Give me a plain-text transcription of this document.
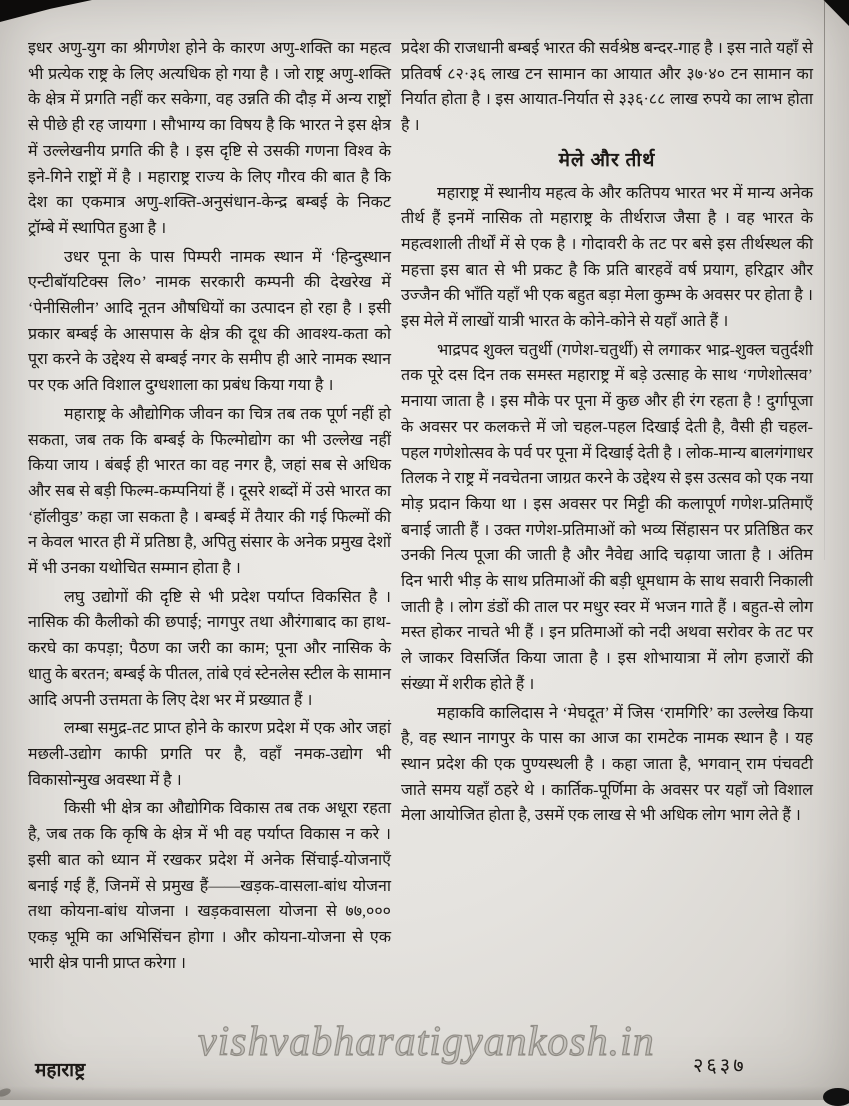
इधर अणु-युग का श्रीगणेश होने के कारण अणु-शक्ति का महत्व भी प्रत्येक राष्ट्र के लिए अत्यधिक हो गया है । जो राष्ट्र अणु-शक्ति के क्षेत्र में प्रगति नहीं कर सकेगा, वह उन्नति की दौड़ में अन्य राष्ट्रों से पीछे ही रह जायगा । सौभाग्य का विषय है कि भारत ने इस क्षेत्र में उल्लेखनीय प्रगति की है । इस दृष्टि से उसकी गणना विश्व के इने-गिने राष्ट्रों में है । महाराष्ट्र राज्य के लिए गौरव की बात है कि देश का एकमात्र अणु-शक्ति-अनुसंधान-केन्द्र बम्बई के निकट ट्रॉम्बे में स्थापित हुआ है ।

उधर पूना के पास पिम्परी नामक स्थान में ‘हिन्दुस्थान एन्टीबॉयटिक्स लि०’ नामक सरकारी कम्पनी की देखरेख में ‘पेनीसिलीन’ आदि नूतन औषधियों का उत्पादन हो रहा है । इसी प्रकार बम्बई के आसपास के क्षेत्र की दूध की आवश्य-कता को पूरा करने के उद्देश्य से बम्बई नगर के समीप ही आरे नामक स्थान पर एक अति विशाल दुग्धशाला का प्रबंध किया गया है ।

महाराष्ट्र के औद्योगिक जीवन का चित्र तब तक पूर्ण नहीं हो सकता, जब तक कि बम्बई के फिल्मोद्योग का भी उल्लेख नहीं किया जाय । बंबई ही भारत का वह नगर है, जहां सब से अधिक और सब से बड़ी फिल्म-कम्पनियां हैं । दूसरे शब्दों में उसे भारत का ‘हॉलीवुड’ कहा जा सकता है । बम्बई में तैयार की गई फिल्मों की न केवल भारत ही में प्रतिष्ठा है, अपितु संसार के अनेक प्रमुख देशों में भी उनका यथोचित सम्मान होता है ।

लघु उद्योगों की दृष्टि से भी प्रदेश पर्याप्त विकसित है । नासिक की कैलीको की छपाई; नागपुर तथा औरंगाबाद का हाथ-करघे का कपड़ा; पैठण का जरी का काम; पूना और नासिक के धातु के बरतन; बम्बई के पीतल, तांबे एवं स्टेनलेस स्टील के सामान आदि अपनी उत्तमता के लिए देश भर में प्रख्यात हैं ।

लम्बा समुद्र-तट प्राप्त होने के कारण प्रदेश में एक ओर जहां मछली-उद्योग काफी प्रगति पर है, वहाँ नमक-उद्योग भी विकासोन्मुख अवस्था में है ।

किसी भी क्षेत्र का औद्योगिक विकास तब तक अधूरा रहता है, जब तक कि कृषि के क्षेत्र में भी वह पर्याप्त विकास न करे । इसी बात को ध्यान में रखकर प्रदेश में अनेक सिंचाई-योजनाएँ बनाई गई हैं, जिनमें से प्रमुख हैं——खड़क-वासला-बांध योजना तथा कोयना-बांध योजना । खड़कवासला योजना से ७७,००० एकड़ भूमि का अभिसिंचन होगा । और कोयना-योजना से एक भारी क्षेत्र पानी प्राप्त करेगा ।

प्रदेश की राजधानी बम्बई भारत की सर्वश्रेष्ठ बन्दर-गाह है । इस नाते यहाँ से प्रतिवर्ष ८२·३६ लाख टन सामान का आयात और ३७·४० टन सामान का निर्यात होता है । इस आयात-निर्यात से ३३६·८८ लाख रुपये का लाभ होता है ।

मेले और तीर्थ

महाराष्ट्र में स्थानीय महत्व के और कतिपय भारत भर में मान्य अनेक तीर्थ हैं इनमें नासिक तो महाराष्ट्र के तीर्थराज जैसा है । वह भारत के महत्वशाली तीर्थों में से एक है । गोदावरी के तट पर बसे इस तीर्थस्थल की महत्ता इस बात से भी प्रकट है कि प्रति बारहवें वर्ष प्रयाग, हरिद्वार और उज्जैन की भाँति यहाँ भी एक बहुत बड़ा मेला कुम्भ के अवसर पर होता है । इस मेले में लाखों यात्री भारत के कोने-कोने से यहाँ आते हैं ।

भाद्रपद शुक्ल चतुर्थी (गणेश-चतुर्थी) से लगाकर भाद्र-शुक्ल चतुर्दशी तक पूरे दस दिन तक समस्त महाराष्ट्र में बड़े उत्साह के साथ ‘गणेशोत्सव’ मनाया जाता है । इस मौके पर पूना में कुछ और ही रंग रहता है ! दुर्गापूजा के अवसर पर कलकत्ते में जो चहल-पहल दिखाई देती है, वैसी ही चहल-पहल गणेशोत्सव के पर्व पर पूना में दिखाई देती है । लोक-मान्य बालगंगाधर तिलक ने राष्ट्र में नवचेतना जाग्रत करने के उद्देश्य से इस उत्सव को एक नया मोड़ प्रदान किया था । इस अवसर पर मिट्टी की कलापूर्ण गणेश-प्रतिमाएँ बनाई जाती हैं । उक्त गणेश-प्रतिमाओं को भव्य सिंहासन पर प्रतिष्ठित कर उनकी नित्य पूजा की जाती है और नैवेद्य आदि चढ़ाया जाता है । अंतिम दिन भारी भीड़ के साथ प्रतिमाओं की बड़ी धूमधाम के साथ सवारी निकाली जाती है । लोग डंडों की ताल पर मधुर स्वर में भजन गाते हैं । बहुत-से लोग मस्त होकर नाचते भी हैं । इन प्रतिमाओं को नदी अथवा सरोवर के तट पर ले जाकर विसर्जित किया जाता है । इस शोभायात्रा में लोग हजारों की संख्या में शरीक होते हैं ।

महाकवि कालिदास ने ‘मेघदूत’ में जिस ‘रामगिरि’ का उल्लेख किया है, वह स्थान नागपुर के पास का आज का रामटेक नामक स्थान है । यह स्थान प्रदेश की एक पुण्यस्थली है । कहा जाता है, भगवान् राम पंचवटी जाते समय यहाँ ठहरे थे । कार्तिक-पूर्णिमा के अवसर पर यहाँ जो विशाल मेला आयोजित होता है, उसमें एक लाख से भी अधिक लोग भाग लेते हैं ।

vishvabharatigyankosh.in
महाराष्ट्र	२६३७
